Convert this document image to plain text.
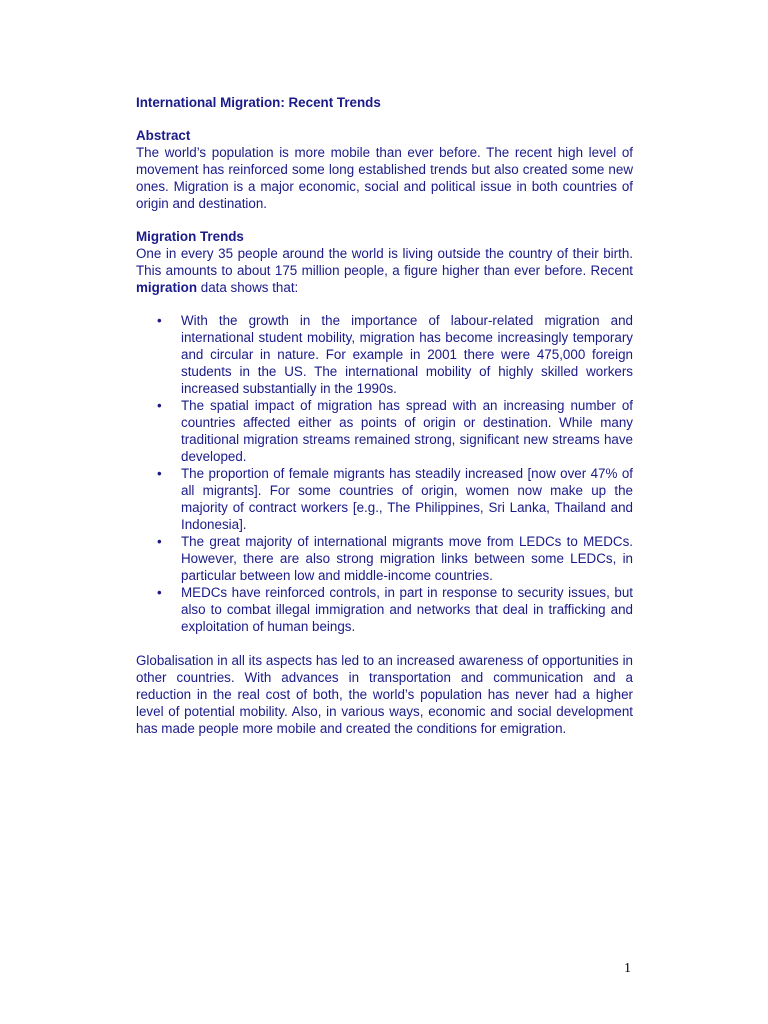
International Migration: Recent Trends

Abstract

The world’s population is more mobile than ever before. The recent high level of movement has reinforced some long established trends but also created some new ones. Migration is a major economic, social and political issue in both countries of origin and destination.

Migration Trends

One in every 35 people around the world is living outside the country of their birth. This amounts to about 175 million people, a figure higher than ever before. Recent migration data shows that:

•	With the growth in the importance of labour-related migration and international student mobility, migration has become increasingly temporary and circular in nature. For example in 2001 there were 475,000 foreign students in the US. The international mobility of highly skilled workers increased substantially in the 1990s.
•	The spatial impact of migration has spread with an increasing number of countries affected either as points of origin or destination. While many traditional migration streams remained strong, significant new streams have developed.
•	The proportion of female migrants has steadily increased [now over 47% of all migrants]. For some countries of origin, women now make up the majority of contract workers [e.g., The Philippines, Sri Lanka, Thailand and Indonesia].
•	The great majority of international migrants move from LEDCs to MEDCs. However, there are also strong migration links between some LEDCs, in particular between low and middle-income countries.
•	MEDCs have reinforced controls, in part in response to security issues, but also to combat illegal immigration and networks that deal in trafficking and exploitation of human beings.

Globalisation in all its aspects has led to an increased awareness of opportunities in other countries. With advances in transportation and communication and a reduction in the real cost of both, the world’s population has never had a higher level of potential mobility. Also, in various ways, economic and social development has made people more mobile and created the conditions for emigration.

1
